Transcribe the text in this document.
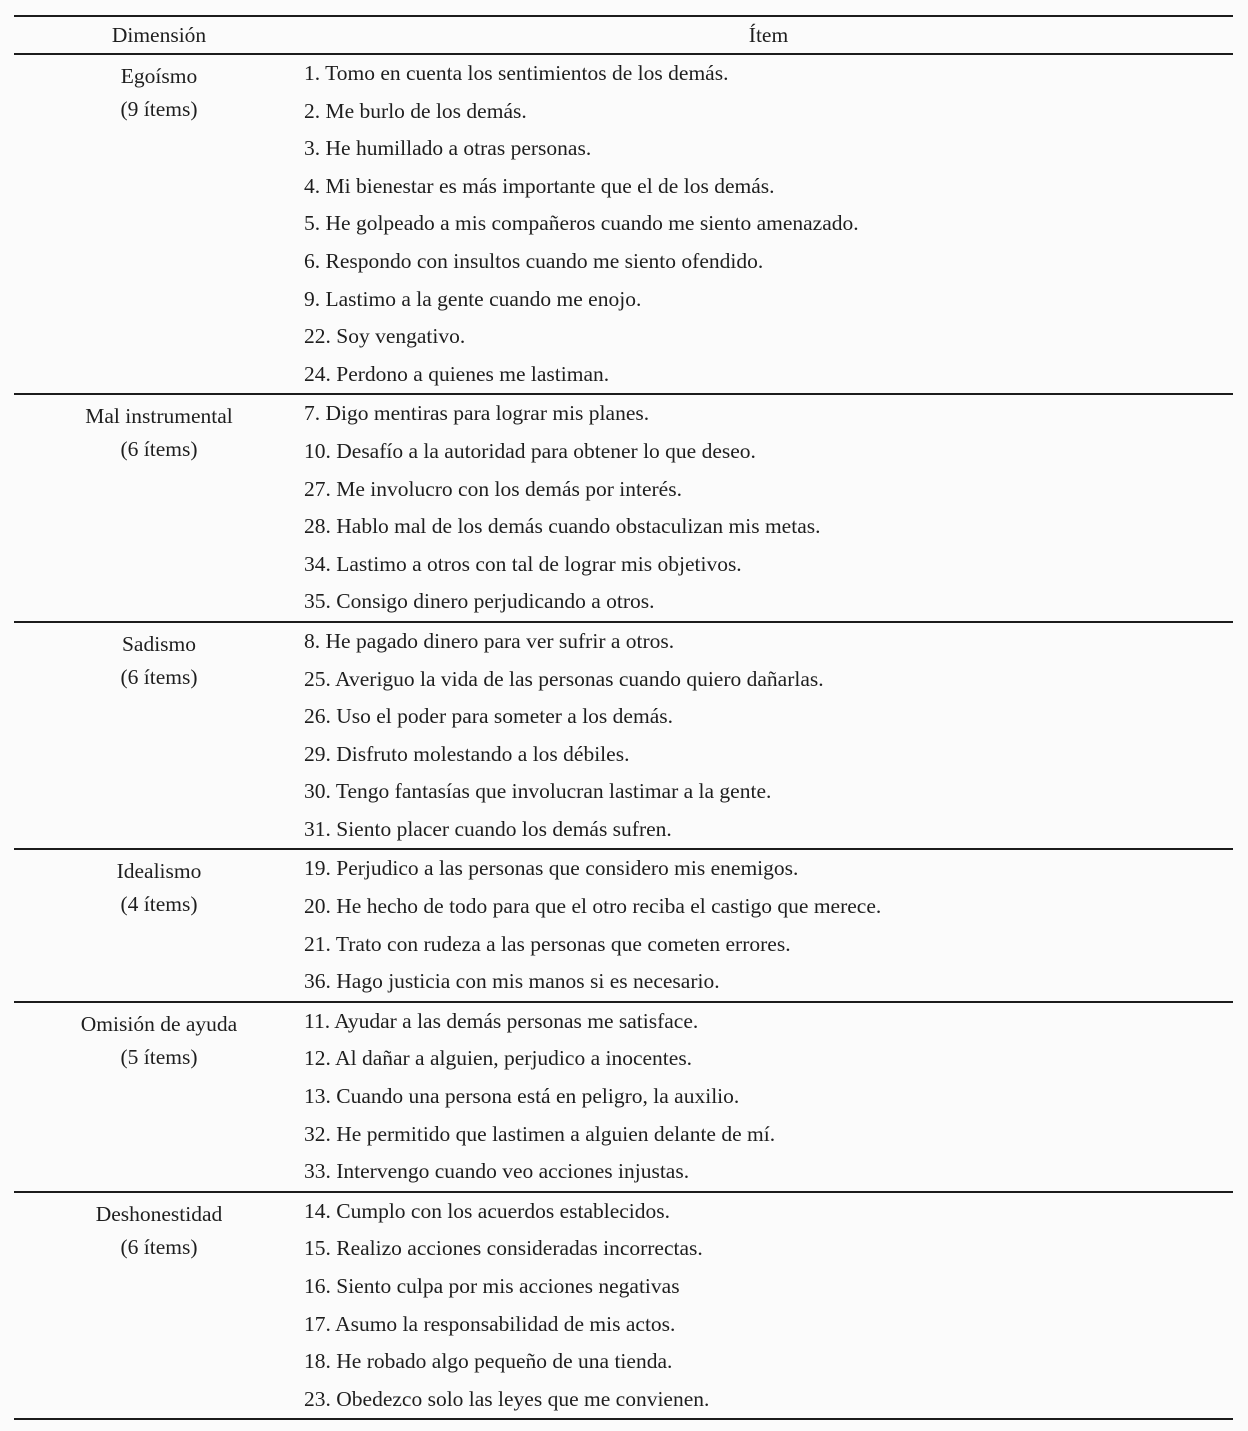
Dimensión	Ítem
Egoísmo
(9 ítems)
1. Tomo en cuenta los sentimientos de los demás.
2. Me burlo de los demás.
3. He humillado a otras personas.
4. Mi bienestar es más importante que el de los demás.
5. He golpeado a mis compañeros cuando me siento amenazado.
6. Respondo con insultos cuando me siento ofendido.
9. Lastimo a la gente cuando me enojo.
22. Soy vengativo.
24. Perdono a quienes me lastiman.
Mal instrumental
(6 ítems)
7. Digo mentiras para lograr mis planes.
10. Desafío a la autoridad para obtener lo que deseo.
27. Me involucro con los demás por interés.
28. Hablo mal de los demás cuando obstaculizan mis metas.
34. Lastimo a otros con tal de lograr mis objetivos.
35. Consigo dinero perjudicando a otros.
Sadismo
(6 ítems)
8. He pagado dinero para ver sufrir a otros.
25. Averiguo la vida de las personas cuando quiero dañarlas.
26. Uso el poder para someter a los demás.
29. Disfruto molestando a los débiles.
30. Tengo fantasías que involucran lastimar a la gente.
31. Siento placer cuando los demás sufren.
Idealismo
(4 ítems)
19. Perjudico a las personas que considero mis enemigos.
20. He hecho de todo para que el otro reciba el castigo que merece.
21. Trato con rudeza a las personas que cometen errores.
36. Hago justicia con mis manos si es necesario.
Omisión de ayuda
(5 ítems)
11. Ayudar a las demás personas me satisface.
12. Al dañar a alguien, perjudico a inocentes.
13. Cuando una persona está en peligro, la auxilio.
32. He permitido que lastimen a alguien delante de mí.
33. Intervengo cuando veo acciones injustas.
Deshonestidad
(6 ítems)
14. Cumplo con los acuerdos establecidos.
15. Realizo acciones consideradas incorrectas.
16. Siento culpa por mis acciones negativas
17. Asumo la responsabilidad de mis actos.
18. He robado algo pequeño de una tienda.
23. Obedezco solo las leyes que me convienen.
